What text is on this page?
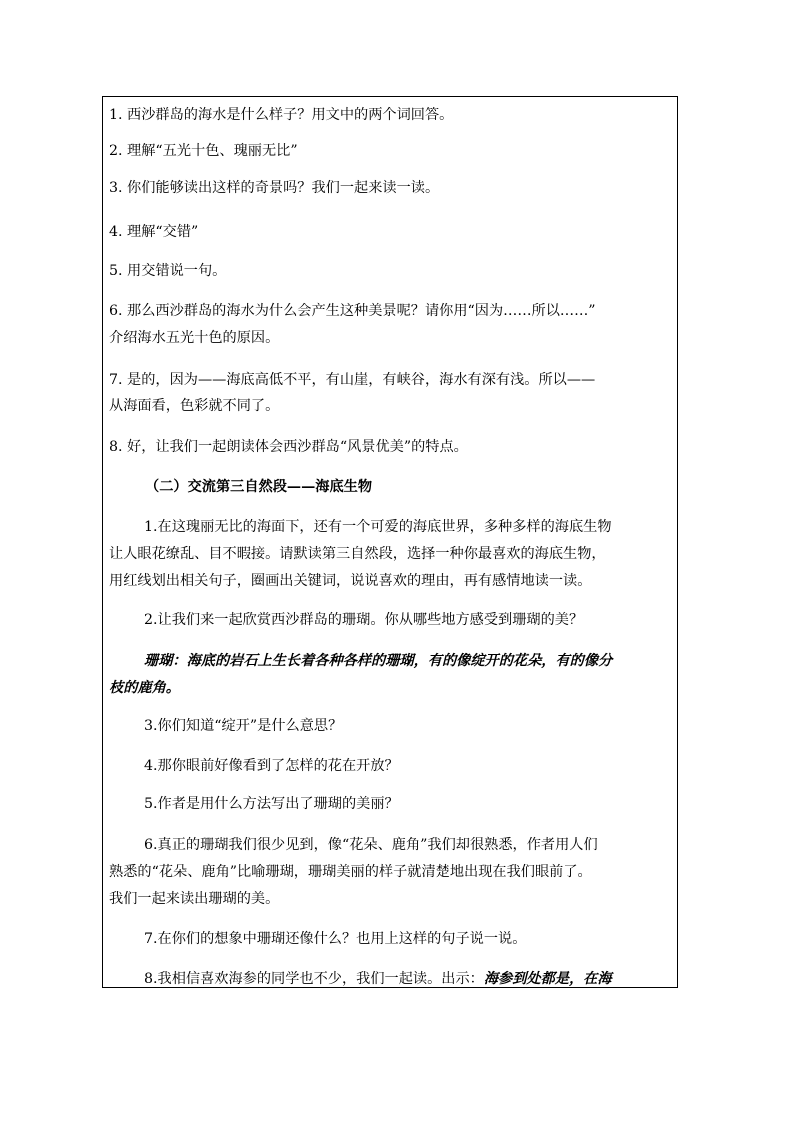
1. 西沙群岛的海水是什么样子？用文中的两个词回答。
2. 理解“五光十色、瑰丽无比”
3. 你们能够读出这样的奇景吗？我们一起来读一读。
4. 理解“交错”
5. 用交错说一句。
6. 那么西沙群岛的海水为什么会产生这种美景呢？请你用“因为……所以……”
介绍海水五光十色的原因。
7. 是的，因为——海底高低不平，有山崖，有峡谷，海水有深有浅。所以——
从海面看，色彩就不同了。
8. 好，让我们一起朗读体会西沙群岛“风景优美”的特点。
（二）交流第三自然段——海底生物
1.在这瑰丽无比的海面下，还有一个可爱的海底世界，多种多样的海底生物
让人眼花缭乱、目不暇接。请默读第三自然段，选择一种你最喜欢的海底生物，
用红线划出相关句子，圈画出关键词，说说喜欢的理由，再有感情地读一读。
2.让我们来一起欣赏西沙群岛的珊瑚。你从哪些地方感受到珊瑚的美？
珊瑚：海底的岩石上生长着各种各样的珊瑚，有的像绽开的花朵，有的像分
枝的鹿角。
3.你们知道“绽开”是什么意思？
4.那你眼前好像看到了怎样的花在开放？
5.作者是用什么方法写出了珊瑚的美丽？
6.真正的珊瑚我们很少见到，像“花朵、鹿角”我们却很熟悉，作者用人们
熟悉的“花朵、鹿角”比喻珊瑚，珊瑚美丽的样子就清楚地出现在我们眼前了。
我们一起来读出珊瑚的美。
7.在你们的想象中珊瑚还像什么？也用上这样的句子说一说。
8.我相信喜欢海参的同学也不少，我们一起读。出示：海参到处都是，在海
